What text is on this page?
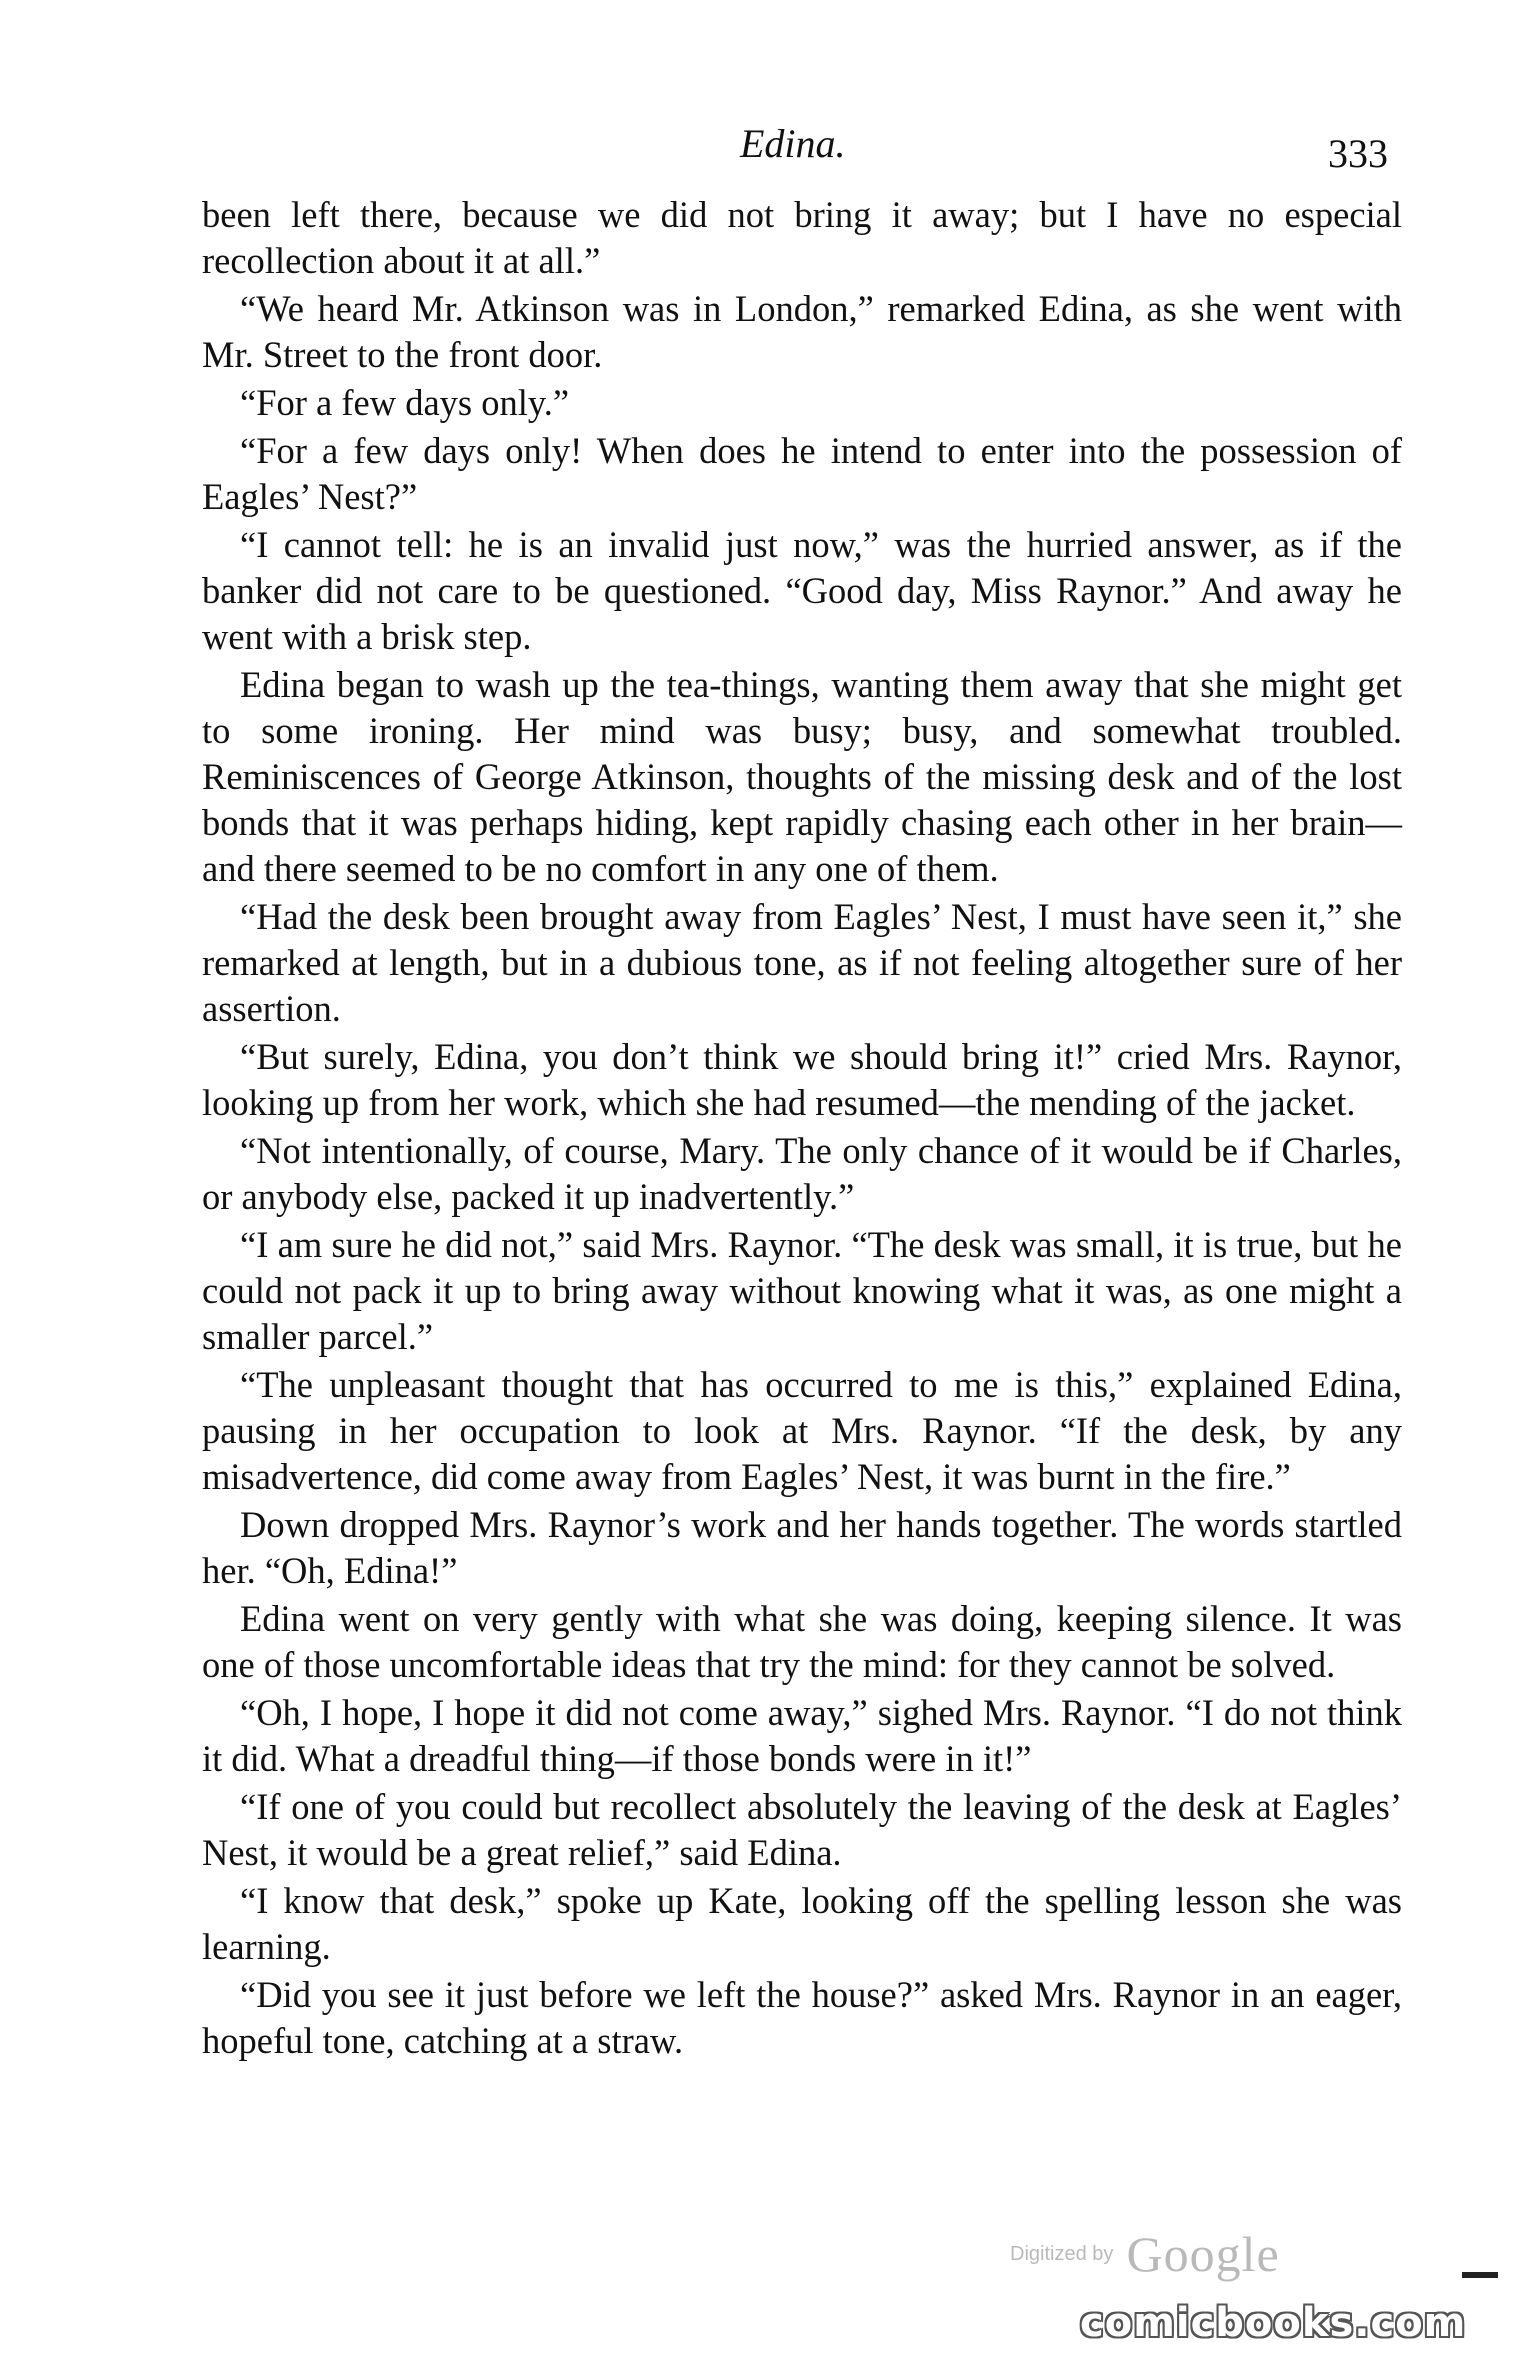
Edina.	333

been left there, because we did not bring it away; but I have no especial recollection about it at all.”

“We heard Mr. Atkinson was in London,” remarked Edina, as she went with Mr. Street to the front door.

“For a few days only.”

“For a few days only! When does he intend to enter into the possession of Eagles’ Nest?”

“I cannot tell: he is an invalid just now,” was the hurried answer, as if the banker did not care to be questioned. “Good day, Miss Raynor.” And away he went with a brisk step.

Edina began to wash up the tea-things, wanting them away that she might get to some ironing. Her mind was busy; busy, and somewhat troubled. Reminiscences of George Atkinson, thoughts of the missing desk and of the lost bonds that it was perhaps hiding, kept rapidly chasing each other in her brain—and there seemed to be no comfort in any one of them.

“Had the desk been brought away from Eagles’ Nest, I must have seen it,” she remarked at length, but in a dubious tone, as if not feeling altogether sure of her assertion.

“But surely, Edina, you don’t think we should bring it!” cried Mrs. Raynor, looking up from her work, which she had resumed—the mending of the jacket.

“Not intentionally, of course, Mary. The only chance of it would be if Charles, or anybody else, packed it up inadvertently.”

“I am sure he did not,” said Mrs. Raynor. “The desk was small, it is true, but he could not pack it up to bring away without knowing what it was, as one might a smaller parcel.”

“The unpleasant thought that has occurred to me is this,” explained Edina, pausing in her occupation to look at Mrs. Raynor. “If the desk, by any misadvertence, did come away from Eagles’ Nest, it was burnt in the fire.”

Down dropped Mrs. Raynor’s work and her hands together. The words startled her. “Oh, Edina!”

Edina went on very gently with what she was doing, keeping silence. It was one of those uncomfortable ideas that try the mind: for they cannot be solved.

“Oh, I hope, I hope it did not come away,” sighed Mrs. Raynor. “I do not think it did. What a dreadful thing—if those bonds were in it!”

“If one of you could but recollect absolutely the leaving of the desk at Eagles’ Nest, it would be a great relief,” said Edina.

“I know that desk,” spoke up Kate, looking off the spelling lesson she was learning.

“Did you see it just before we left the house?” asked Mrs. Raynor in an eager, hopeful tone, catching at a straw.

Digitized by Google
comicbooks.com
